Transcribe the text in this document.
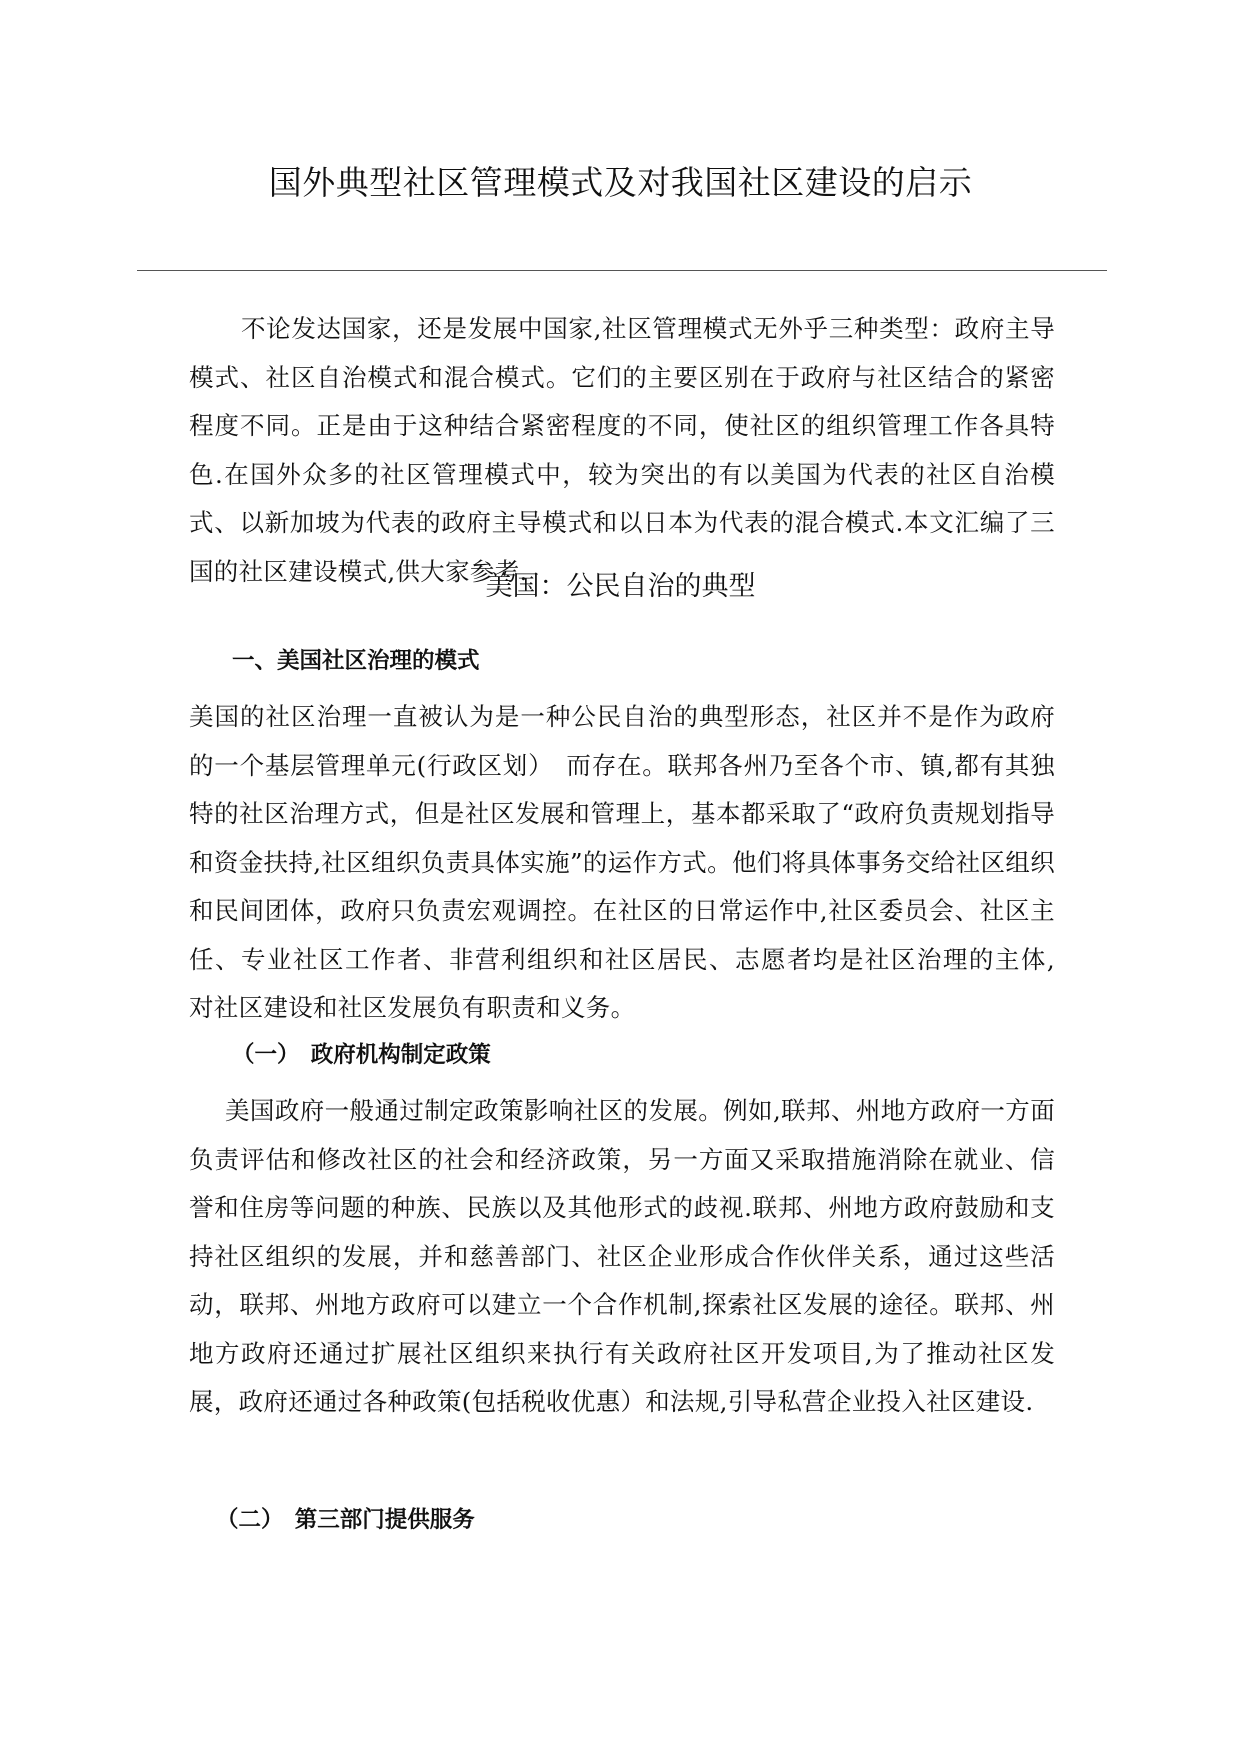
国外典型社区管理模式及对我国社区建设的启示

不论发达国家，还是发展中国家,社区管理模式无外乎三种类型：政府主导模式、社区自治模式和混合模式。它们的主要区别在于政府与社区结合的紧密程度不同。正是由于这种结合紧密程度的不同，使社区的组织管理工作各具特色.在国外众多的社区管理模式中，较为突出的有以美国为代表的社区自治模式、以新加坡为代表的政府主导模式和以日本为代表的混合模式.本文汇编了三国的社区建设模式,供大家参考.

美国：公民自治的典型
一、美国社区治理的模式

美国的社区治理一直被认为是一种公民自治的典型形态，社区并不是作为政府的一个基层管理单元(行政区划）　而存在。联邦各州乃至各个市、镇,都有其独特的社区治理方式，但是社区发展和管理上，基本都采取了“政府负责规划指导和资金扶持,社区组织负责具体实施”的运作方式。他们将具体事务交给社区组织和民间团体，政府只负责宏观调控。在社区的日常运作中,社区委员会、社区主任、专业社区工作者、非营利组织和社区居民、志愿者均是社区治理的主体,　对社区建设和社区发展负有职责和义务。

（一）　政府机构制定政策

美国政府一般通过制定政策影响社区的发展。例如,联邦、州地方政府一方面负责评估和修改社区的社会和经济政策，另一方面又采取措施消除在就业、信誉和住房等问题的种族、民族以及其他形式的歧视.联邦、州地方政府鼓励和支持社区组织的发展，并和慈善部门、社区企业形成合作伙伴关系，通过这些活动，联邦、州地方政府可以建立一个合作机制,探索社区发展的途径。联邦、州地方政府还通过扩展社区组织来执行有关政府社区开发项目,为了推动社区发展，政府还通过各种政策(包括税收优惠）和法规,引导私营企业投入社区建设.

（二）　第三部门提供服务
